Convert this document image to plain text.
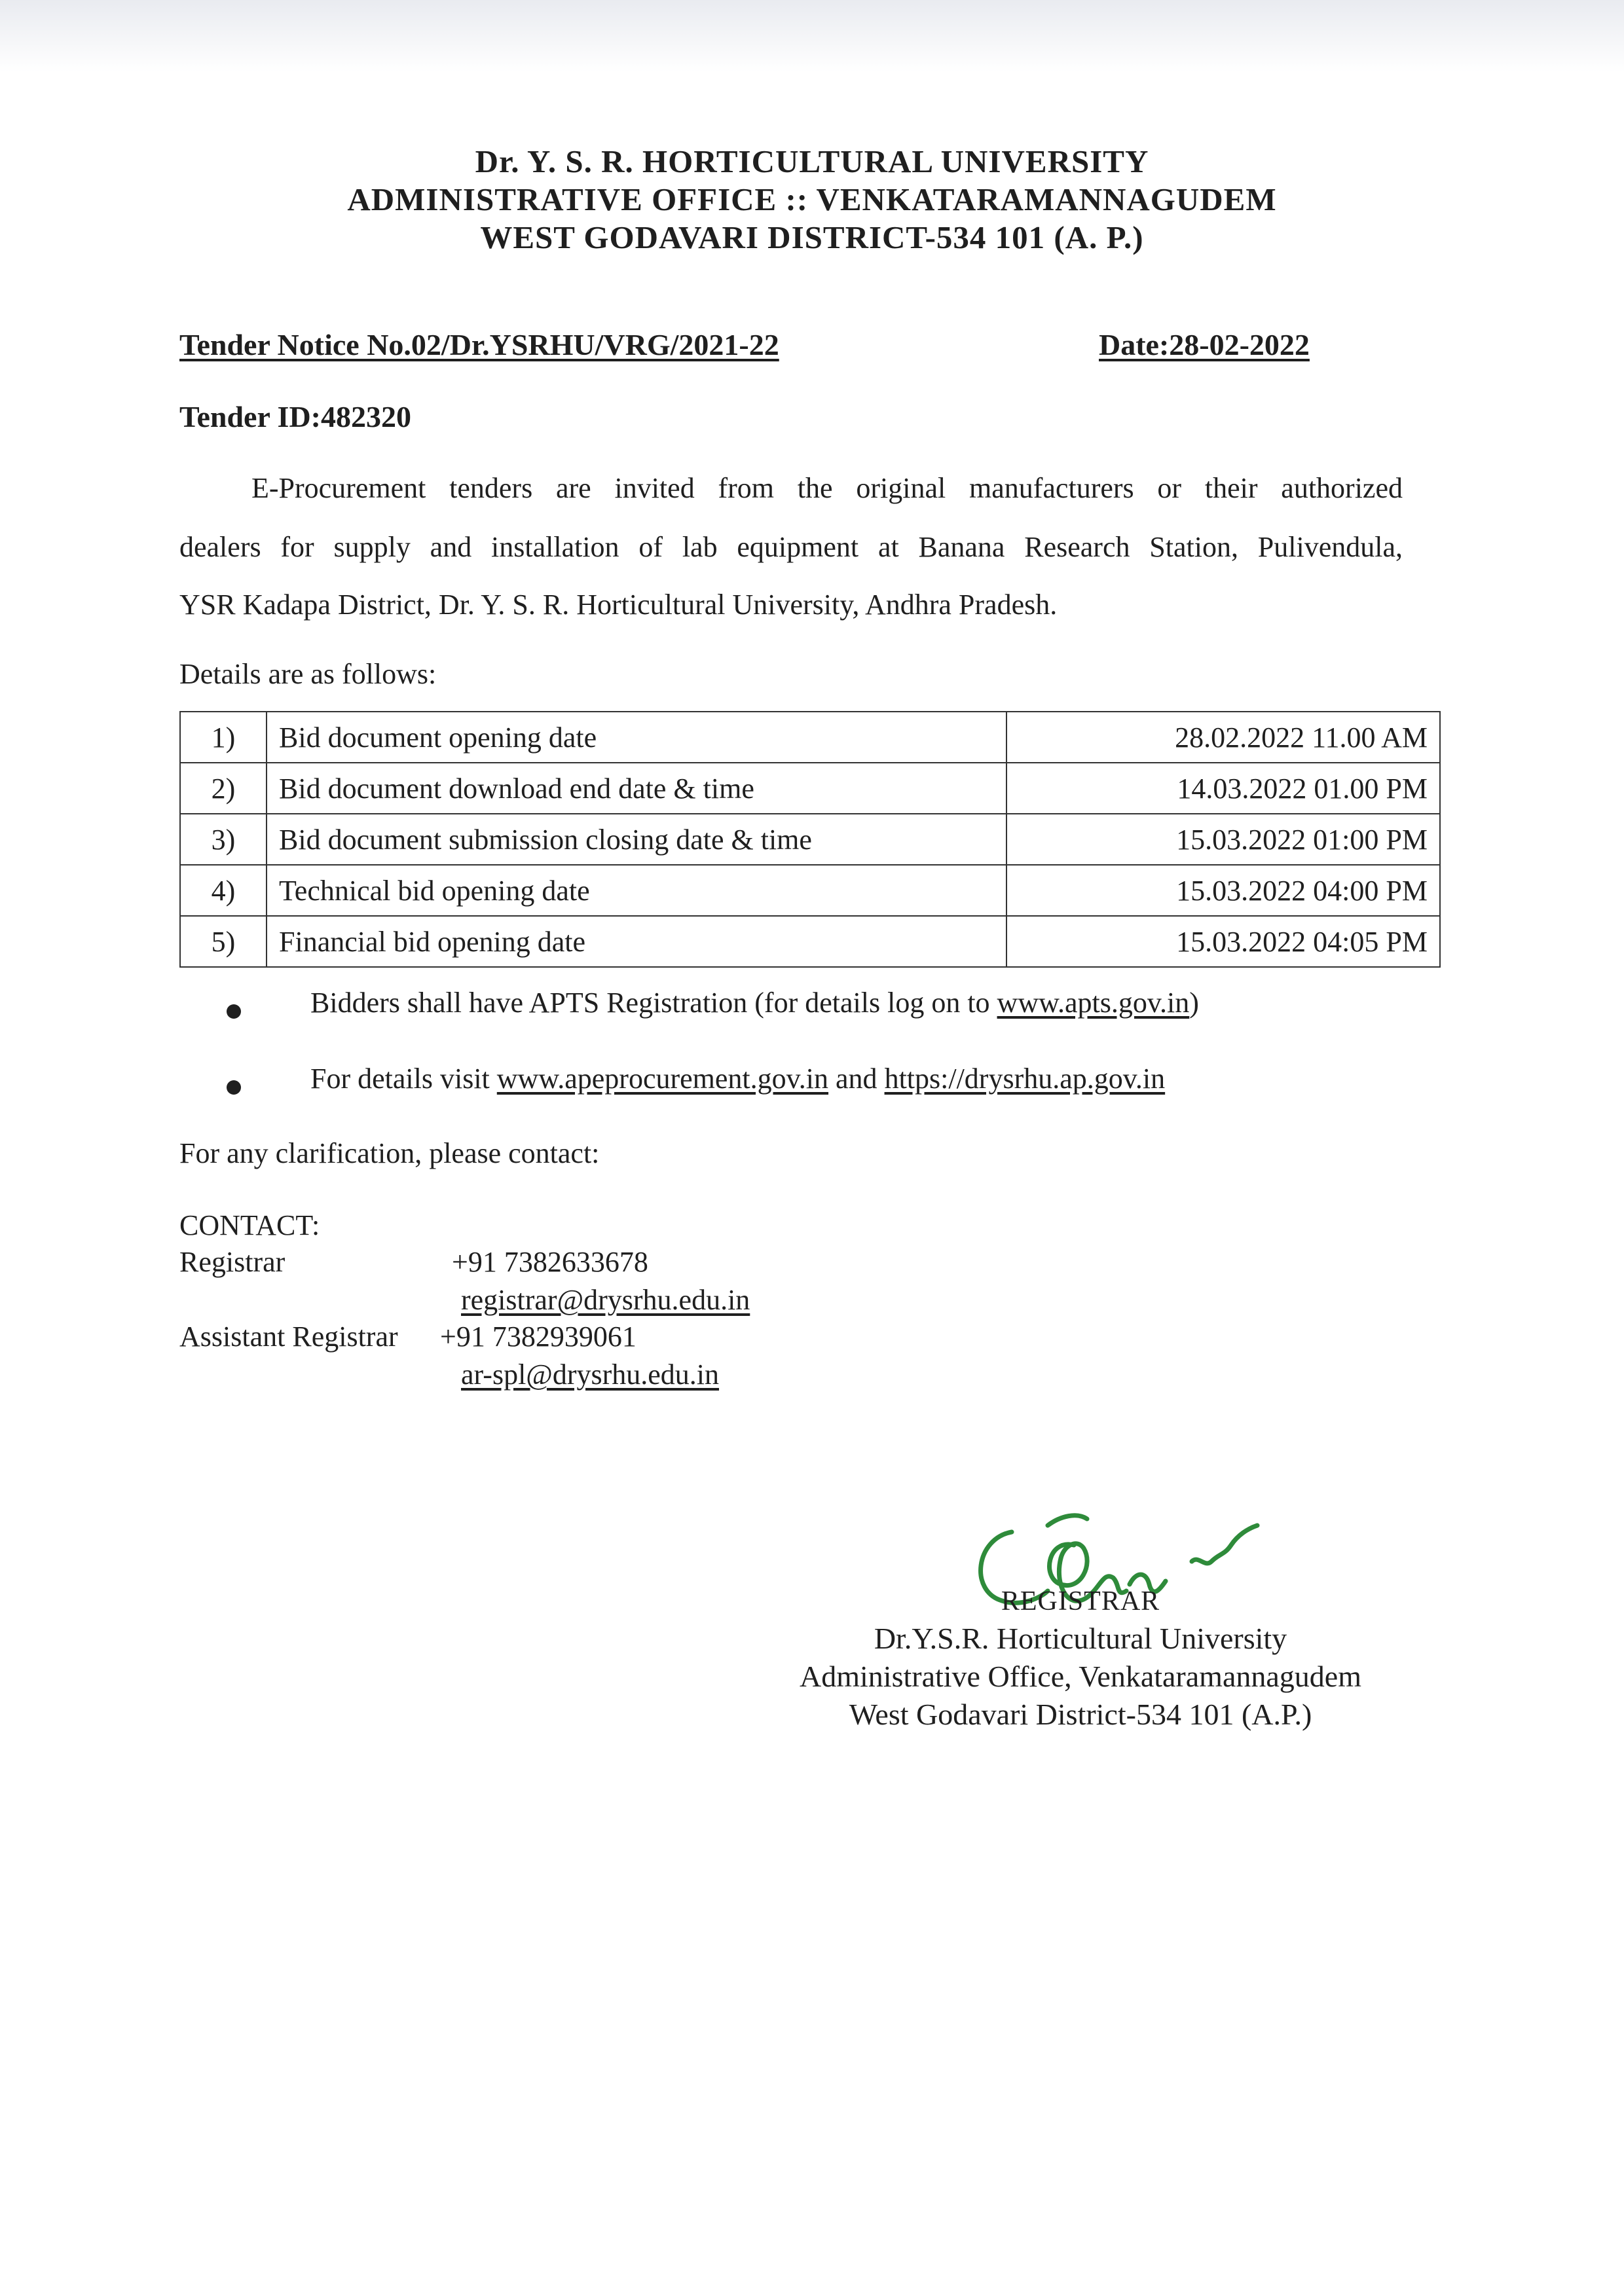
Dr. Y. S. R. HORTICULTURAL UNIVERSITY
ADMINISTRATIVE OFFICE :: VENKATARAMANNAGUDEM
WEST GODAVARI DISTRICT-534 101 (A. P.)
Tender Notice No.02/Dr.YSRHU/VRG/2021-22	Date:28-02-2022
Tender ID:482320
E-Procurement tenders are invited from the original manufacturers or their authorized
dealers for supply and installation of lab equipment at Banana Research Station, Pulivendula,
YSR Kadapa District, Dr. Y. S. R. Horticultural University, Andhra Pradesh.
Details are as follows:
1)	Bid document opening date	28.02.2022 11.00 AM
2)	Bid document download end date & time	14.03.2022 01.00 PM
3)	Bid document submission closing date & time	15.03.2022 01:00 PM
4)	Technical bid opening date	15.03.2022 04:00 PM
5)	Financial bid opening date	15.03.2022 04:05 PM
Bidders shall have APTS Registration (for details log on to www.apts.gov.in)
For details visit www.apeprocurement.gov.in and https://drysrhu.ap.gov.in
For any clarification, please contact:
CONTACT:
Registrar	+91 7382633678
registrar@drysrhu.edu.in
Assistant Registrar +91 7382939061
ar-spl@drysrhu.edu.in
REGISTRAR
Dr.Y.S.R. Horticultural University
Administrative Office, Venkataramannagudem
West Godavari District-534 101 (A.P.)
